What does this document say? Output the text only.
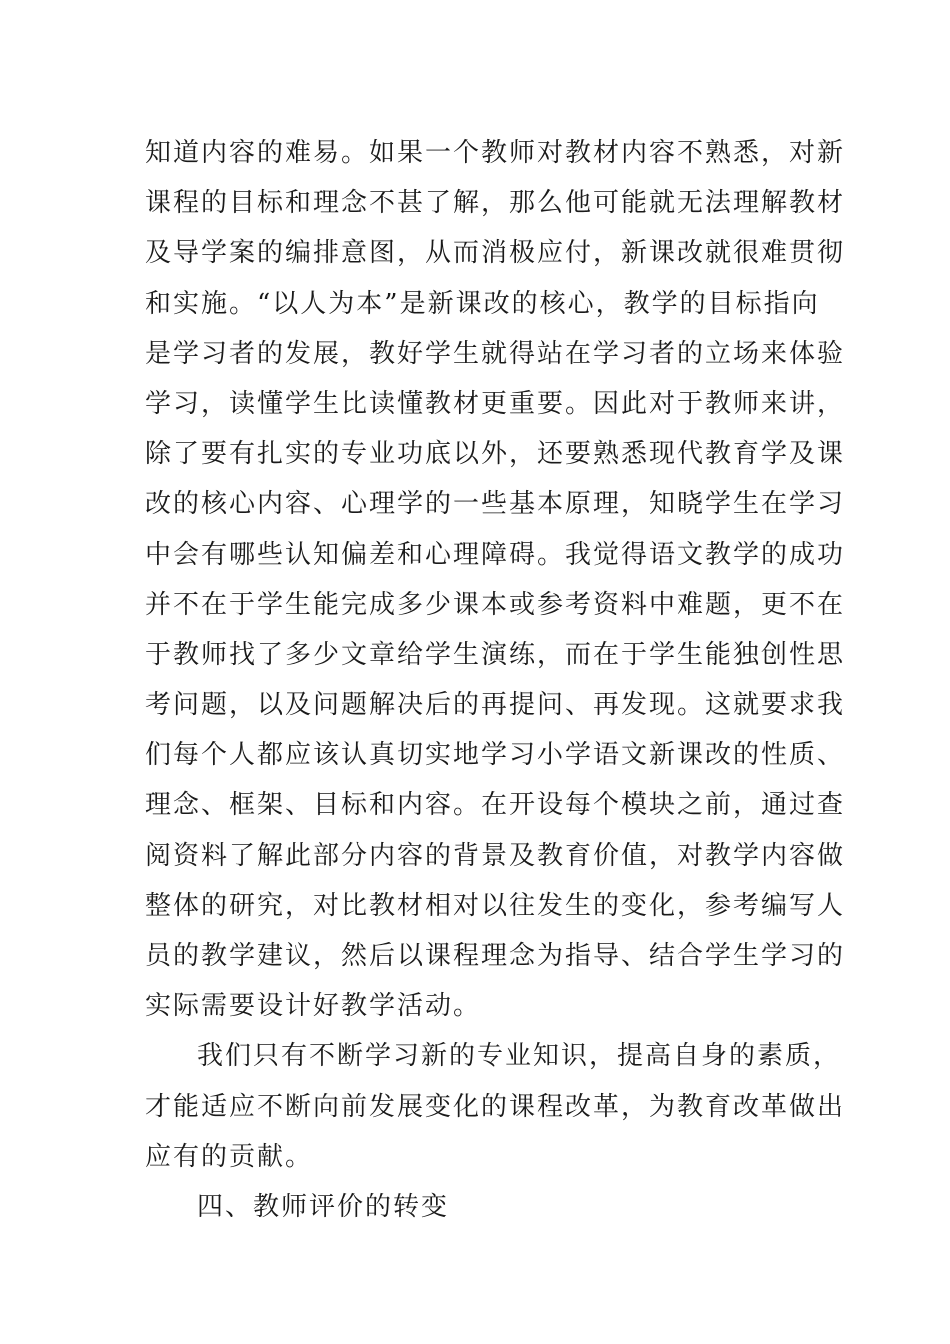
知道内容的难易。如果一个教师对教材内容不熟悉，对新
课程的目标和理念不甚了解，那么他可能就无法理解教材
及导学案的编排意图，从而消极应付，新课改就很难贯彻
和实施。“以人为本”是新课改的核心，教学的目标指向
是学习者的发展，教好学生就得站在学习者的立场来体验
学习，读懂学生比读懂教材更重要。因此对于教师来讲，
除了要有扎实的专业功底以外，还要熟悉现代教育学及课
改的核心内容、心理学的一些基本原理，知晓学生在学习
中会有哪些认知偏差和心理障碍。我觉得语文教学的成功
并不在于学生能完成多少课本或参考资料中难题，更不在
于教师找了多少文章给学生演练，而在于学生能独创性思
考问题，以及问题解决后的再提问、再发现。这就要求我
们每个人都应该认真切实地学习小学语文新课改的性质、
理念、框架、目标和内容。在开设每个模块之前，通过查
阅资料了解此部分内容的背景及教育价值，对教学内容做
整体的研究，对比教材相对以往发生的变化，参考编写人
员的教学建议，然后以课程理念为指导、结合学生学习的
实际需要设计好教学活动。
我们只有不断学习新的专业知识，提高自身的素质，
才能适应不断向前发展变化的课程改革，为教育改革做出
应有的贡献。
四、教师评价的转变
